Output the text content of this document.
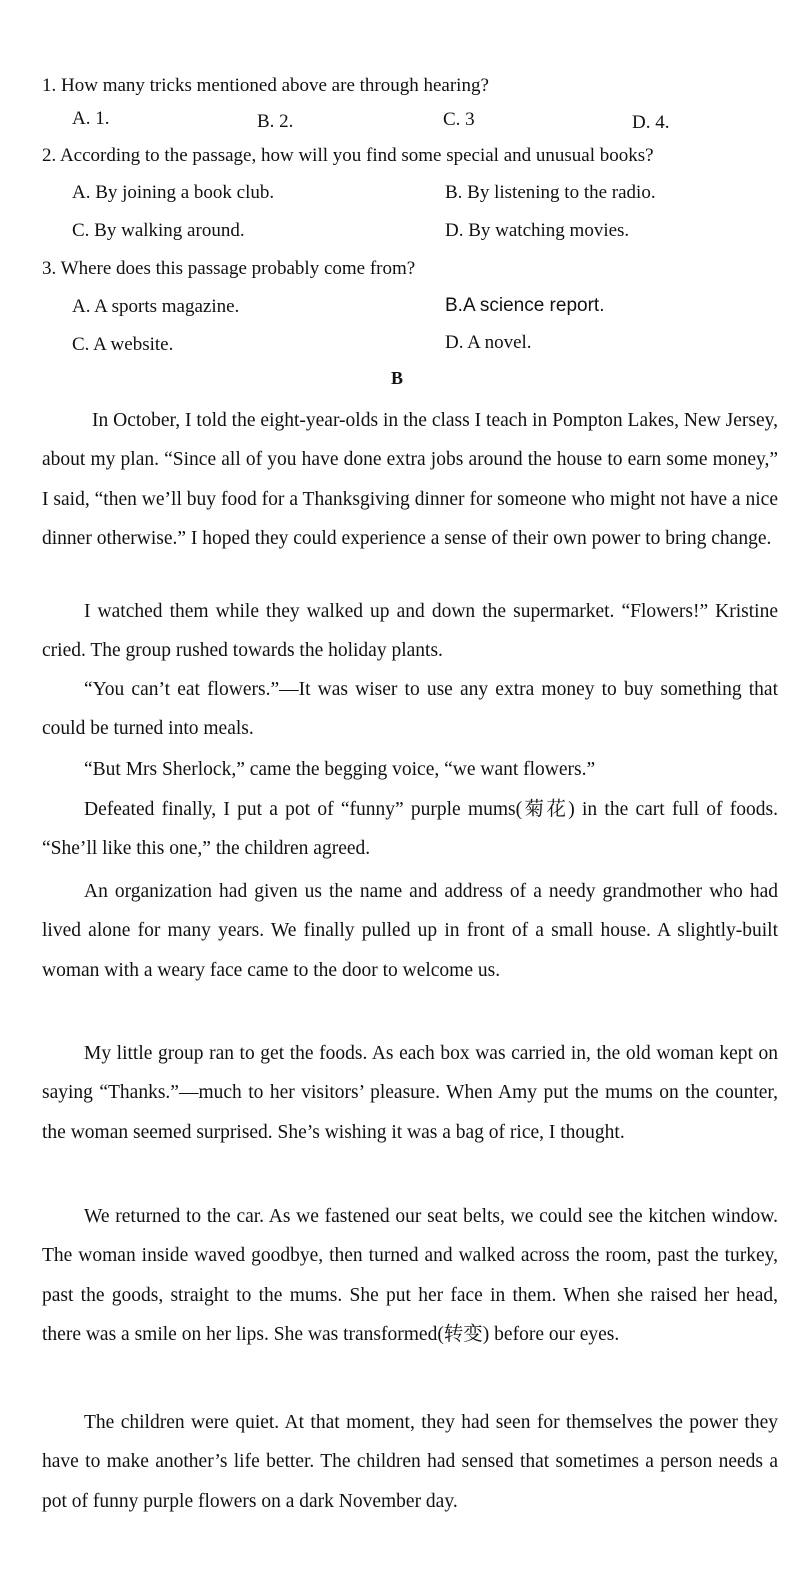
1. How many tricks mentioned above are through hearing?
A. 1.	B. 2.	C. 3	D. 4.
2. According to the passage, how will you find some special and unusual books?
A. By joining a book club.	B. By listening to the radio.
C. By walking around.	D. By watching movies.
3. Where does this passage probably come from?
A. A sports magazine.	B.A science report.
C. A website.	D. A novel.
B

In October, I told the eight-year-olds in the class I teach in Pompton Lakes, New Jersey, about my plan. “Since all of you have done extra jobs around the house to earn some money,” I said, “then we’ll buy food for a Thanksgiving dinner for someone who might not have a nice dinner otherwise.” I hoped they could experience a sense of their own power to bring change.

I watched them while they walked up and down the supermarket. “Flowers!” Kristine cried. The group rushed towards the holiday plants.

“You can’t eat flowers.”—It was wiser to use any extra money to buy something that could be turned into meals.

“But Mrs Sherlock,” came the begging voice, “we want flowers.”

Defeated finally, I put a pot of “funny” purple mums(菊花) in the cart full of foods. “She’ll like this one,” the children agreed.

An organization had given us the name and address of a needy grandmother who had lived alone for many years. We finally pulled up in front of a small house. A slightly-built woman with a weary face came to the door to welcome us.

My little group ran to get the foods. As each box was carried in, the old woman kept on saying “Thanks.”—much to her visitors’ pleasure. When Amy put the mums on the counter, the woman seemed surprised. She’s wishing it was a bag of rice, I thought.

We returned to the car. As we fastened our seat belts, we could see the kitchen window. The woman inside waved goodbye, then turned and walked across the room, past the turkey, past the goods, straight to the mums. She put her face in them. When she raised her head, there was a smile on her lips. She was transformed(转变) before our eyes.

The children were quiet. At that moment, they had seen for themselves the power they have to make another’s life better. The children had sensed that sometimes a person needs a pot of funny purple flowers on a dark November day.
